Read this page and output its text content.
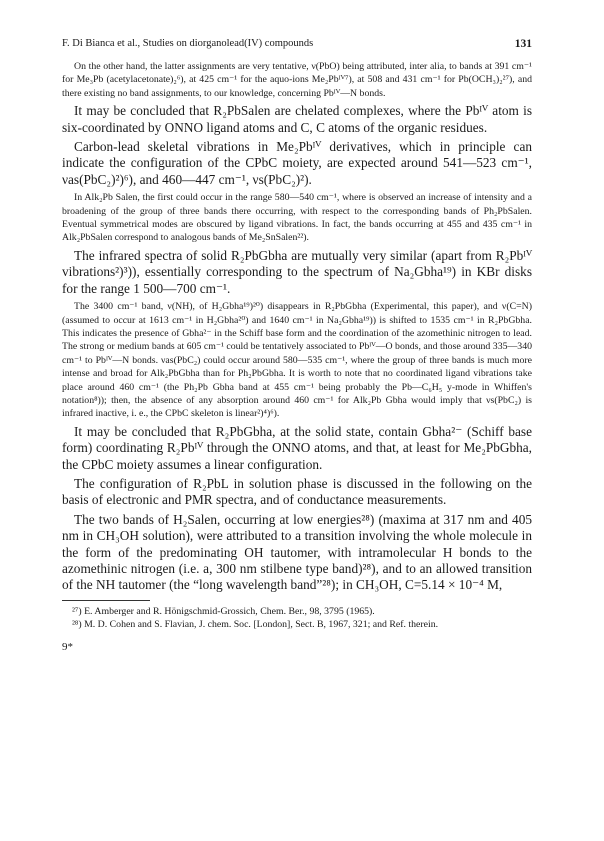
F. Di Bianca et al., Studies on diorganolead(IV) compounds	131

On the other hand, the latter assignments are very tentative, ν(PbO) being attributed, inter alia, to bands at 391 cm⁻¹ for Me₃Pb (acetylacetonate)₂⁶), at 425 cm⁻¹ for the aquo-ions Me₂Pbᴵⱽ⁷), at 508 and 431 cm⁻¹ for Pb(OCH₃)₂²⁷), and there existing no band assignments, to our knowledge, concerning Pbᴵⱽ—N bonds.

It may be concluded that R₂PbSalen are chelated complexes, where the Pbᴵⱽ atom is six-coordinated by ONNO ligand atoms and C, C atoms of the organic residues.

Carbon-lead skeletal vibrations in Me₂Pbᴵⱽ derivatives, which in principle can indicate the configuration of the CPbC moiety, are expected around 541—523 cm⁻¹, νas(PbC₂)²)⁶), and 460—447 cm⁻¹, νs(PbC₂)²).

In Alk₂Pb Salen, the first could occur in the range 580—540 cm⁻¹, where is observed an increase of intensity and a broadening of the group of three bands there occurring, with respect to the corresponding bands of Ph₂PbSalen. Eventual symmetrical modes are obscured by ligand vibrations. In fact, the bands occurring at 455 and 435 cm⁻¹ in Alk₂PbSalen correspond to analogous bands of Me₂SnSalen²²).

The infrared spectra of solid R₂PbGbha are mutually very similar (apart from R₂Pbᴵⱽ vibrations²)³)), essentially corresponding to the spectrum of Na₂Gbha¹⁹) in KBr disks for the range 1 500—700 cm⁻¹.

The 3400 cm⁻¹ band, ν(NH), of H₂Gbha¹⁹)²⁰) disappears in R₂PbGbha (Experimental, this paper), and ν(C=N) (assumed to occur at 1613 cm⁻¹ in H₂Gbha²⁰) and 1640 cm⁻¹ in Na₂Gbha¹⁹)) is shifted to 1535 cm⁻¹ in R₂PbGbha. This indicates the presence of Gbha²⁻ in the Schiff base form and the coordination of the azomethinic nitrogen to lead. The strong or medium bands at 605 cm⁻¹ could be tentatively associated to Pbᴵⱽ—O bonds, and those around 335—340 cm⁻¹ to Pbᴵⱽ—N bonds. νas(PbC₂) could occur around 580—535 cm⁻¹, where the group of three bands is much more intense and broad for Alk₂PbGbha than for Ph₂PbGbha. It is worth to note that no coordinated ligand vibrations take place around 460 cm⁻¹ (the Ph₂Pb Gbha band at 455 cm⁻¹ being probably the Pb—C₆H₅ y-mode in Whiffen's notation⁸)); then, the absence of any absorption around 460 cm⁻¹ for Alk₂Pb Gbha would imply that νs(PbC₂) is infrared inactive, i. e., the CPbC skeleton is linear²)⁴)⁶).

It may be concluded that R₂PbGbha, at the solid state, contain Gbha²⁻ (Schiff base form) coordinating R₂Pbᴵⱽ through the ONNO atoms, and that, at least for Me₂PbGbha, the CPbC moiety assumes a linear configuration.

The configuration of R₂PbL in solution phase is discussed in the following on the basis of electronic and PMR spectra, and of conductance measurements.

The two bands of H₂Salen, occurring at low energies²⁸) (maxima at 317 nm and 405 nm in CH₃OH solution), were attributed to a transition involving the whole molecule in the form of the predominating OH tautomer, with intramolecular H bonds to the azomethinic nitrogen (i.e. a, 300 nm stilbene type band)²⁸), and to an allowed transition of the NH tautomer (the “long wavelength band”²⁸); in CH₃OH, C=5.14 × 10⁻⁴ M,

²⁷) E. Amberger and R. Hönigschmid-Grossich, Chem. Ber., 98, 3795 (1965).

²⁸) M. D. Cohen and S. Flavian, J. chem. Soc. [London], Sect. B, 1967, 321; and Ref. therein.

9*
